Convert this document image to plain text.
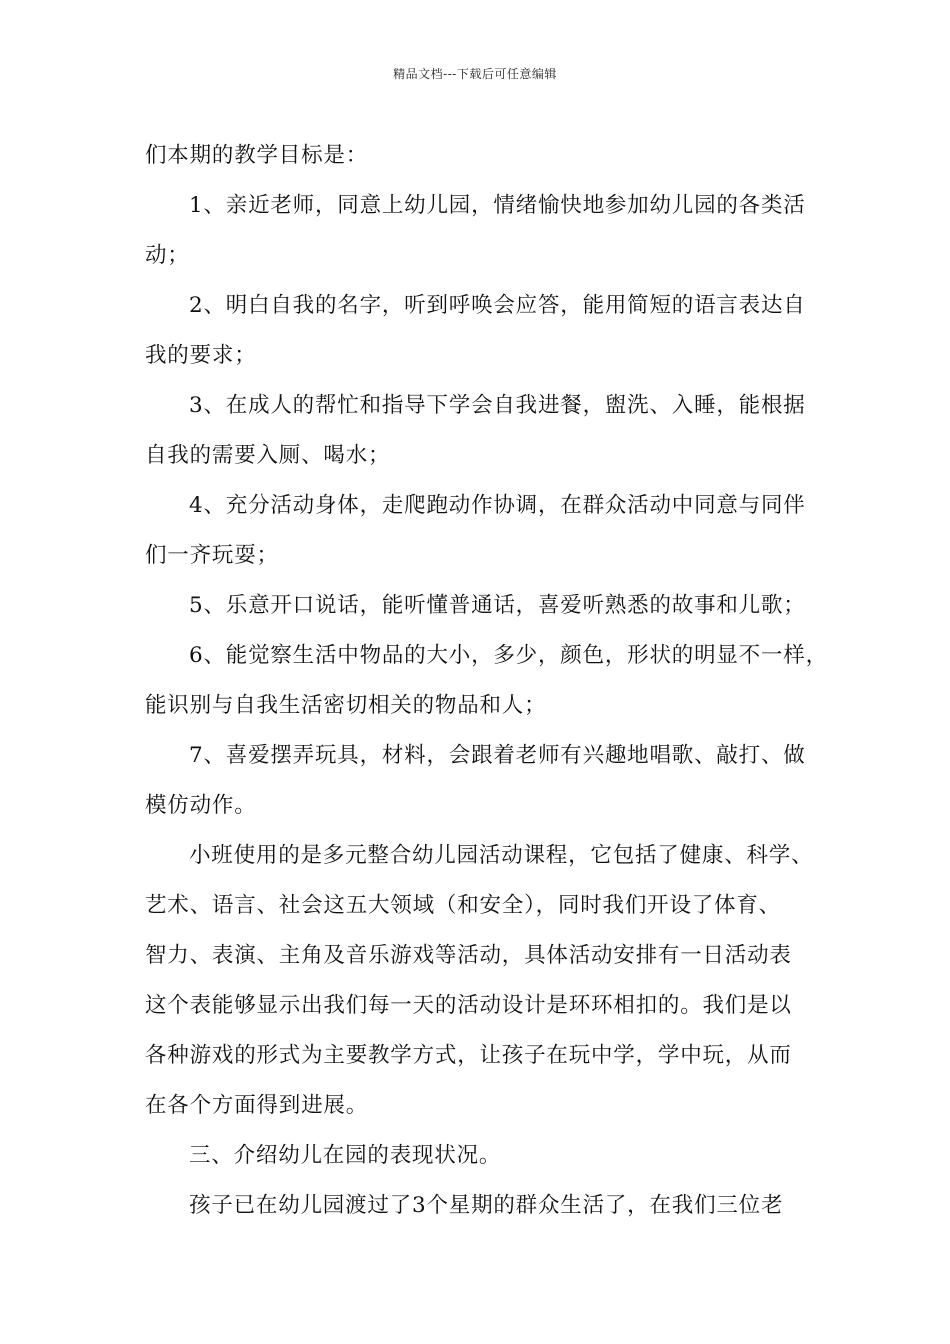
精品文档---下载后可任意编辑
们本期的教学目标是：
1、亲近老师，同意上幼儿园，情绪愉快地参加幼儿园的各类活
动；
2、明白自我的名字，听到呼唤会应答，能用简短的语言表达自
我的要求；
3、在成人的帮忙和指导下学会自我进餐，盥洗、入睡，能根据
自我的需要入厕、喝水；
4、充分活动身体，走爬跑动作协调，在群众活动中同意与同伴
们一齐玩耍；
5、乐意开口说话，能听懂普通话，喜爱听熟悉的故事和儿歌；
6、能觉察生活中物品的大小，多少，颜色，形状的明显不一样，
能识别与自我生活密切相关的物品和人；
7、喜爱摆弄玩具，材料，会跟着老师有兴趣地唱歌、敲打、做
模仿动作。
小班使用的是多元整合幼儿园活动课程，它包括了健康、科学、
艺术、语言、社会这五大领域（和安全），同时我们开设了体育、
智力、表演、主角及音乐游戏等活动，具体活动安排有一日活动表
这个表能够显示出我们每一天的活动设计是环环相扣的。我们是以
各种游戏的形式为主要教学方式，让孩子在玩中学，学中玩，从而
在各个方面得到进展。
三、介绍幼儿在园的表现状况。
孩子已在幼儿园渡过了3个星期的群众生活了，在我们三位老
